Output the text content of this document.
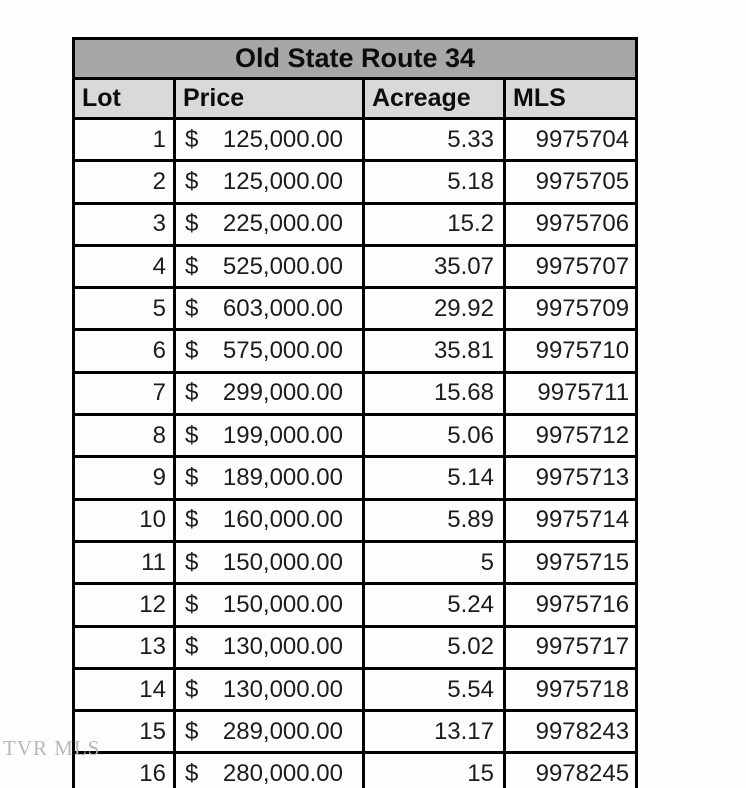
Old State Route 34			
Lot	Price	Acreage	MLS
1	$ 125,000.00	5.33	9975704
2	$ 125,000.00	5.18	9975705
3	$ 225,000.00	15.2	9975706
4	$ 525,000.00	35.07	9975707
5	$ 603,000.00	29.92	9975709
6	$ 575,000.00	35.81	9975710
7	$ 299,000.00	15.68	9975711
8	$ 199,000.00	5.06	9975712
9	$ 189,000.00	5.14	9975713
10	$ 160,000.00	5.89	9975714
11	$ 150,000.00	5	9975715
12	$ 150,000.00	5.24	9975716
13	$ 130,000.00	5.02	9975717
14	$ 130,000.00	5.54	9975718
15	$ 289,000.00	13.17	9978243
16	$ 280,000.00	15	9978245
TVR MLS
